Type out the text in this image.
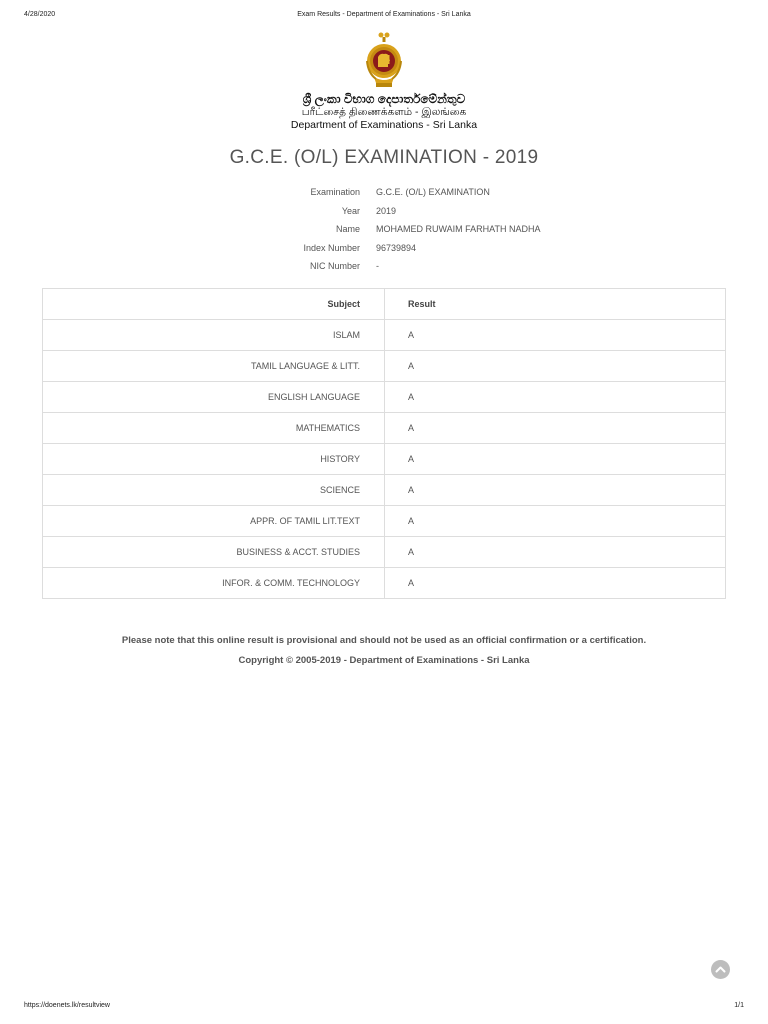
4/28/2020	Exam Results - Department of Examinations - Sri Lanka
ශ්‍රී ලංකා විභාග දෙපාර්තමේන්තුව
பரீட்சைத் திணைக்களம் - இலங்கை
Department of Examinations - Sri Lanka
G.C.E. (O/L) EXAMINATION - 2019
Examination	G.C.E. (O/L) EXAMINATION
Year	2019
Name	MOHAMED RUWAIM FARHATH NADHA
Index Number	96739894
NIC Number	-
Subject	Result
ISLAM	A
TAMIL LANGUAGE & LITT.	A
ENGLISH LANGUAGE	A
MATHEMATICS	A
HISTORY	A
SCIENCE	A
APPR. OF TAMIL LIT.TEXT	A
BUSINESS & ACCT. STUDIES	A
INFOR. & COMM. TECHNOLOGY	A
Please note that this online result is provisional and should not be used as an official confirmation or a certification.
Copyright © 2005-2019 - Department of Examinations - Sri Lanka
https://doenets.lk/resultview	1/1
